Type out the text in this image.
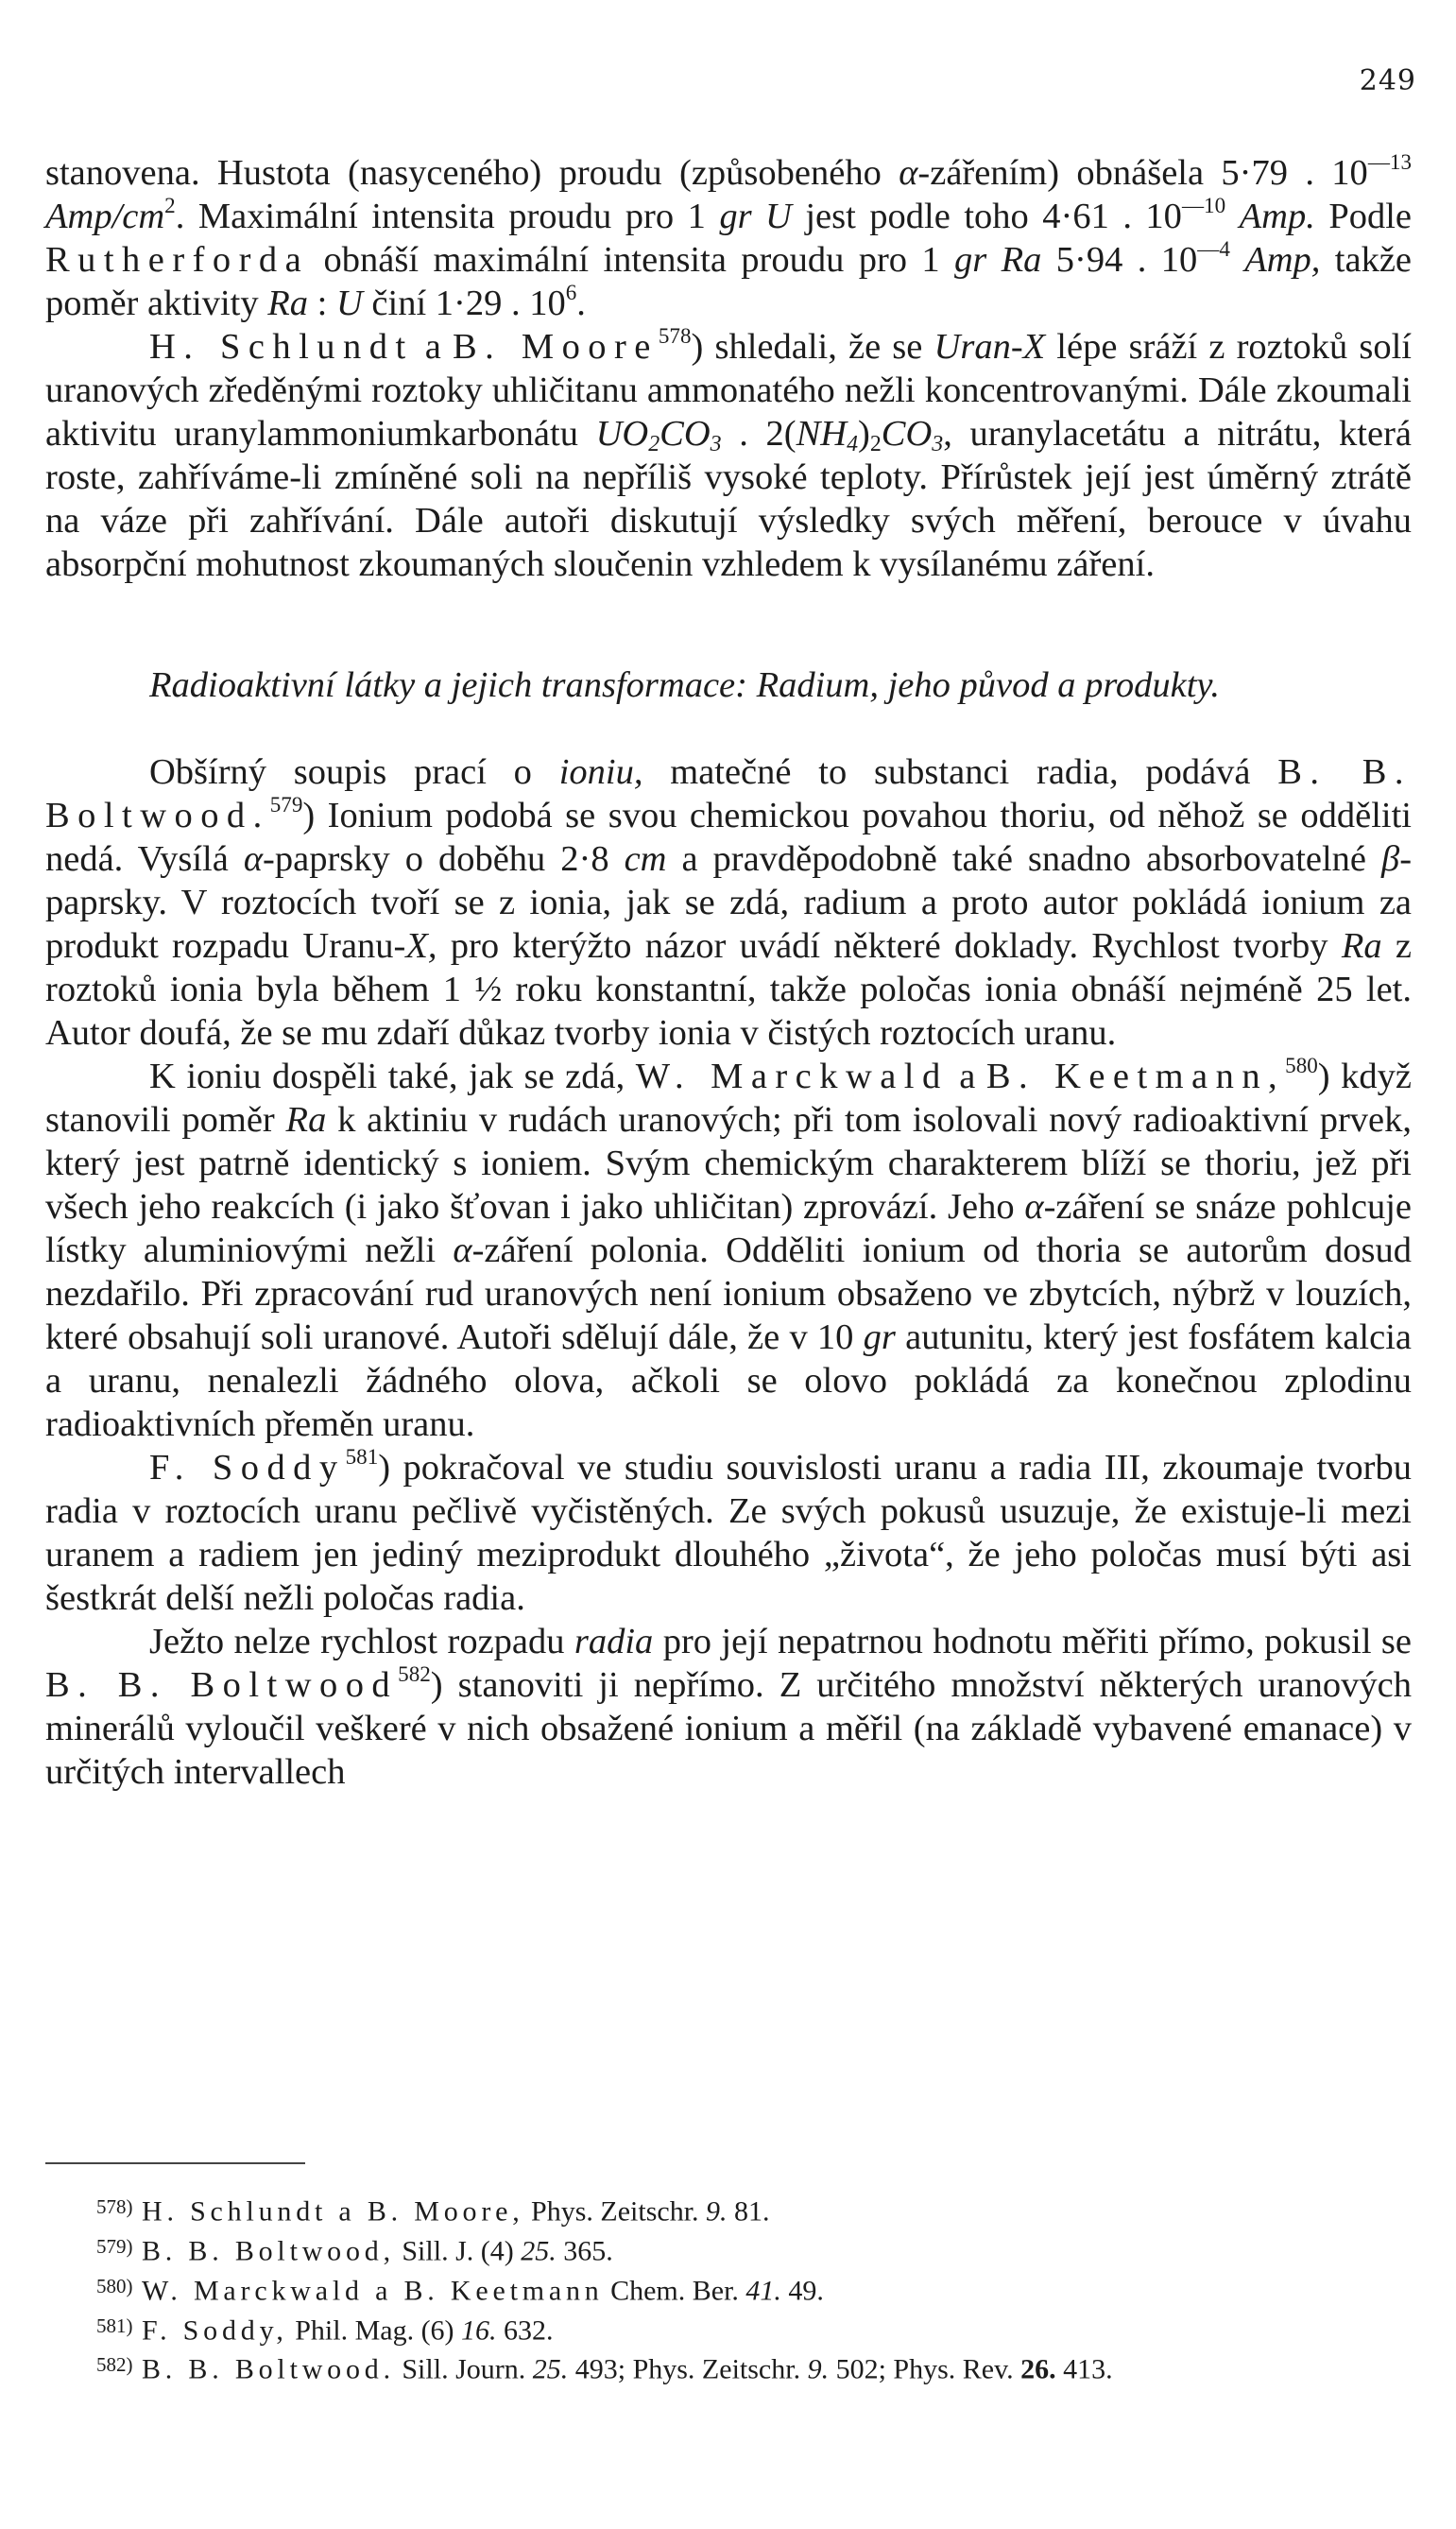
249

stanovena. Hustota (nasyceného) proudu (způsobeného α-zářením) obnášela 5·79 . $10^{—13}$ Amp/$cm^2$. Maximální intensita proudu pro 1 gr U jest podle toho 4·61 . $10^{—10}$ Amp. Podle Rutherforda obnáší maximální intensita proudu pro 1 gr Ra 5·94 . $10^{—4}$ Amp, takže poměr aktivity Ra : U činí 1·29 . $10^6$.

H. Schlundt a B. Moore$^{578}$) shledali, že se Uran-X lépe sráží z roztoků solí uranových zředěnými roztoky uhličitanu ammonatého nežli koncentrovanými. Dále zkoumali aktivitu uranylammoniumkarbonátu $UO_2CO_3$ . $2(NH_4)_2CO_3$, uranylacetátu a nitrátu, která roste, zahříváme-li zmíněné soli na nepříliš vysoké teploty. Přírůstek její jest úměrný ztrátě na váze při zahřívání. Dále autoři diskutují výsledky svých měření, berouce v úvahu absorpční mohutnost zkoumaných sloučenin vzhledem k vysílanému záření.

Radioaktivní látky a jejich transformace: Radium, jeho původ a produkty.

Obšírný soupis prací o ioniu, matečné to substanci radia, podává B. B. Boltwood.$^{579}$) Ionium podobá se svou chemickou povahou thoriu, od něhož se odděliti nedá. Vysílá α-paprsky o doběhu 2·8 cm a pravděpodobně také snadno absorbovatelné β-paprsky. V roztocích tvoří se z ionia, jak se zdá, radium a proto autor pokládá ionium za produkt rozpadu Uranu-X, pro kterýžto názor uvádí některé doklady. Rychlost tvorby Ra z roztoků ionia byla během 1 ½ roku konstantní, takže poločas ionia obnáší nejméně 25 let. Autor doufá, že se mu zdaří důkaz tvorby ionia v čistých roztocích uranu.

K ioniu dospěli také, jak se zdá, W. Marckwald a B. Keetmann,$^{580}$) když stanovili poměr Ra k aktiniu v rudách uranových; při tom isolovali nový radioaktivní prvek, který jest patrně identický s ioniem. Svým chemickým charakterem blíží se thoriu, jež při všech jeho reakcích (i jako šťovan i jako uhličitan) zprovází. Jeho α-záření se snáze pohlcuje lístky aluminiovými nežli α-záření polonia. Odděliti ionium od thoria se autorům dosud nezdařilo. Při zpracování rud uranových není ionium obsaženo ve zbytcích, nýbrž v louzích, které obsahují soli uranové. Autoři sdělují dále, že v 10 gr autunitu, který jest fosfátem kalcia a uranu, nenalezli žádného olova, ačkoli se olovo pokládá za konečnou zplodinu radioaktivních přeměn uranu.

F. Soddy$^{581}$) pokračoval ve studiu souvislosti uranu a radia III, zkoumaje tvorbu radia v roztocích uranu pečlivě vyčistěných. Ze svých pokusů usuzuje, že existuje-li mezi uranem a radiem jen jediný meziprodukt dlouhého „života“, že jeho poločas musí býti asi šestkrát delší nežli poločas radia.

Ježto nelze rychlost rozpadu radia pro její nepatrnou hodnotu měřiti přímo, pokusil se B. B. Boltwood$^{582}$) stanoviti ji nepřímo. Z určitého množství některých uranových minerálů vyloučil veškeré v nich obsažené ionium a měřil (na základě vybavené emanace) v určitých intervallech

578) H. Schlundt a B. Moore, Phys. Zeitschr. 9. 81.

579) B. B. Boltwood, Sill. J. (4) 25. 365.

580) W. Marckwald a B. Keetmann Chem. Ber. 41. 49.

581) F. Soddy, Phil. Mag. (6) 16. 632.

582) B. B. Boltwood. Sill. Journ. 25. 493; Phys. Zeitschr. 9. 502; Phys. Rev. 26. 413.
